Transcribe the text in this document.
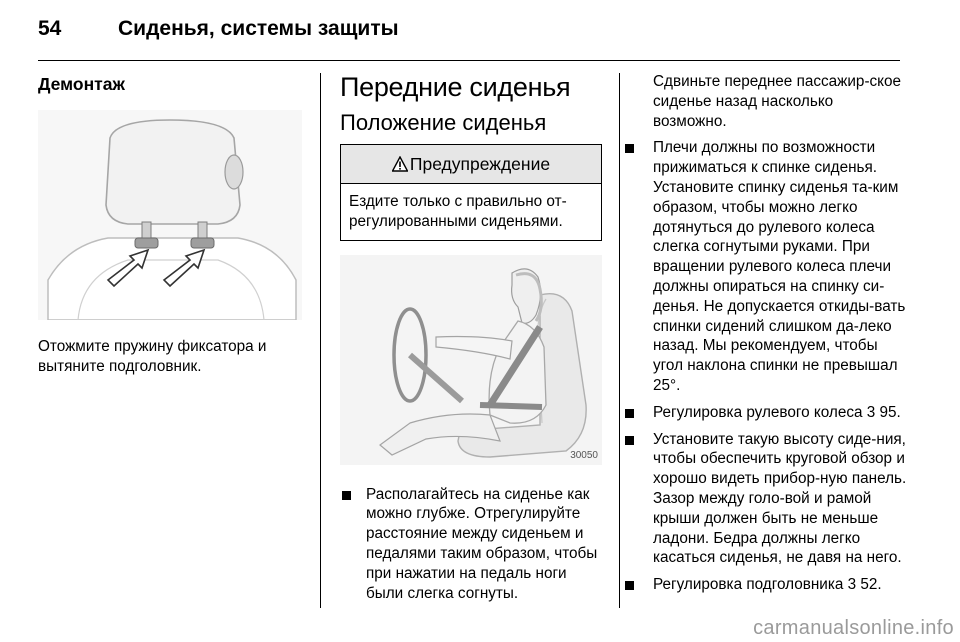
54	Сиденья, системы защиты
Демонтаж

Отожмите пружину фиксатора и вытяните подголовник.

Передние сиденья
Положение сиденья
Предупреждение

Ездите только с правильно от-регулированными сиденьями.

30050
Располагайтесь на сиденье как можно глубже. Отрегулируйте расстояние между сиденьем и педалями таким образом, чтобы при нажатии на педаль ноги были слегка согнуты.

Сдвиньте переднее пассажир-ское сиденье назад насколько возможно.

Плечи должны по возможности прижиматься к спинке сиденья. Установите спинку сиденья та-ким образом, чтобы можно легко дотянуться до рулевого колеса слегка согнутыми руками. При вращении рулевого колеса плечи должны опираться на спинку си-денья. Не допускается откиды-вать спинки сидений слишком да-леко назад. Мы рекомендуем, чтобы угол наклона спинки не превышал 25°.
Регулировка рулевого колеса 3 95.
Установите такую высоту сиде-ния, чтобы обеспечить круговой обзор и хорошо видеть прибор-ную панель. Зазор между голо-вой и рамой крыши должен быть не меньше ладони. Бедра должны легко касаться сиденья, не давя на него.
Регулировка подголовника 3 52.
carmanualsonline.info
